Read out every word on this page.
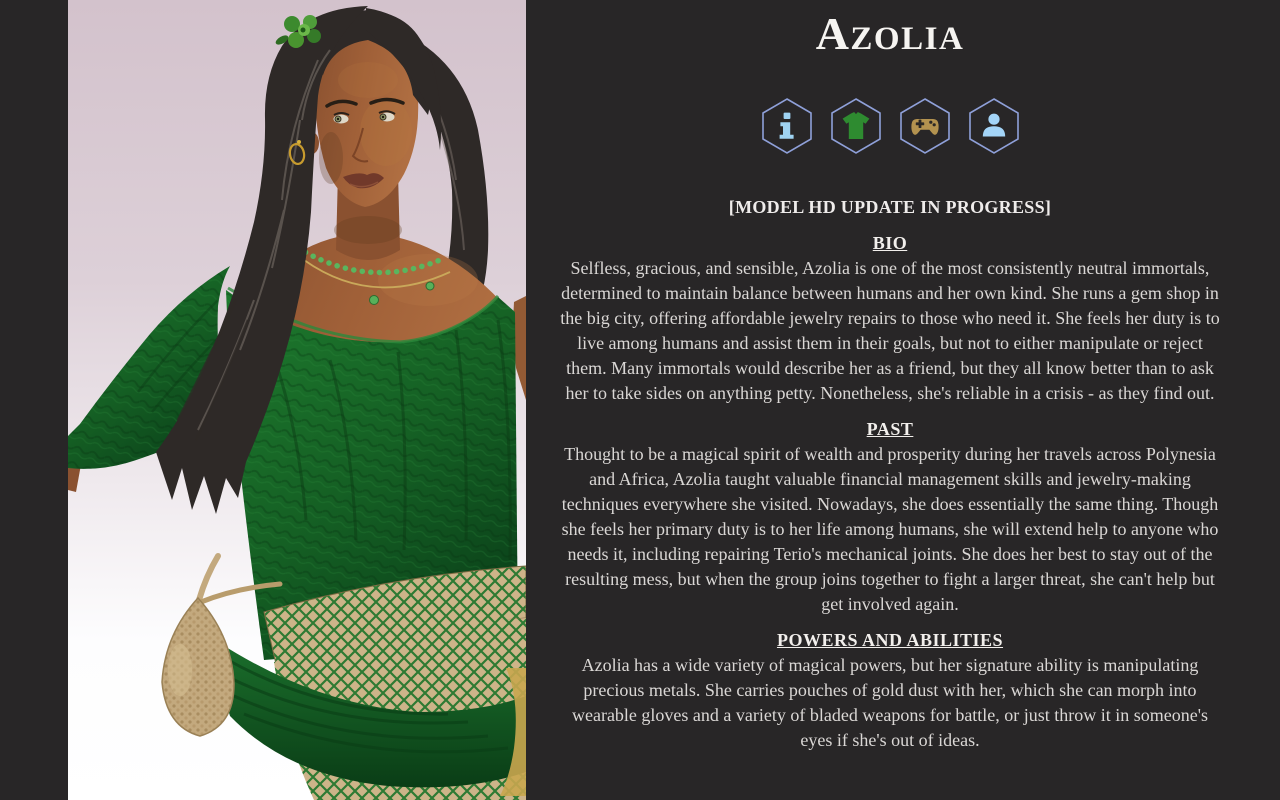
AZOLIA
[MODEL HD UPDATE IN PROGRESS]
BIO

Selfless, gracious, and sensible, Azolia is one of the most consistently neutral immortals, determined to maintain balance between humans and her own kind. She runs a gem shop in the big city, offering affordable jewelry repairs to those who need it. She feels her duty is to live among humans and assist them in their goals, but not to either manipulate or reject them. Many immortals would describe her as a friend, but they all know better than to ask her to take sides on anything petty. Nonetheless, she's reliable in a crisis - as they find out.

PAST

Thought to be a magical spirit of wealth and prosperity during her travels across Polynesia and Africa, Azolia taught valuable financial management skills and jewelry-making techniques everywhere she visited. Nowadays, she does essentially the same thing. Though she feels her primary duty is to her life among humans, she will extend help to anyone who needs it, including repairing Terio's mechanical joints. She does her best to stay out of the resulting mess, but when the group joins together to fight a larger threat, she can't help but get involved again.

POWERS AND ABILITIES

Azolia has a wide variety of magical powers, but her signature ability is manipulating precious metals. She carries pouches of gold dust with her, which she can morph into wearable gloves and a variety of bladed weapons for battle, or just throw it in someone's eyes if she's out of ideas.
